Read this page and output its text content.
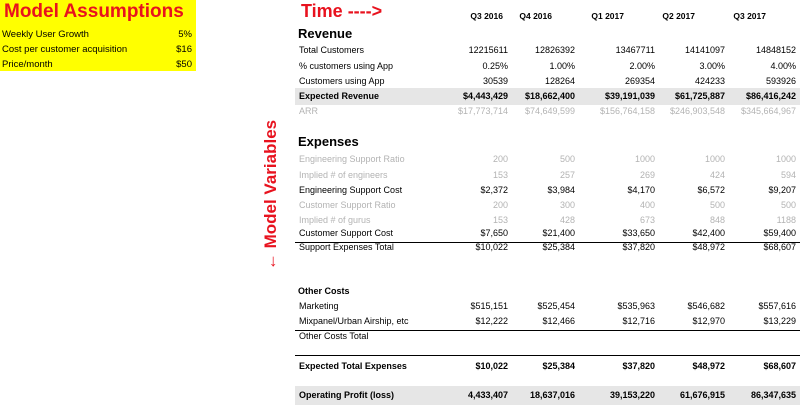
Model Assumptions
Weekly User Growth	5%
Cost per customer acquisition	$16
Price/month	$50
Time ---->
← Model Variables
Q3 2016	Q4 2016	Q1 2017	Q2 2017	Q3 2017
Revenue
Total Customers	12215611	12826392	13467711	14141097	14848152
% customers using App	0.25%	1.00%	2.00%	3.00%	4.00%
Customers using App	30539	128264	269354	424233	593926
Expected Revenue	$4,443,429	$18,662,400	$39,191,039	$61,725,887	$86,416,242
ARR	$17,773,714	$74,649,599	$156,764,158	$246,903,548	$345,664,967
Expenses
Engineering Support Ratio	200	500	1000	1000	1000
Implied # of engineers	153	257	269	424	594
Engineering Support Cost	$2,372	$3,984	$4,170	$6,572	$9,207
Customer Support Ratio	200	300	400	500	500
Implied # of gurus	153	428	673	848	1188
Customer Support Cost	$7,650	$21,400	$33,650	$42,400	$59,400
Support Expenses Total	$10,022	$25,384	$37,820	$48,972	$68,607
Other Costs
Marketing	$515,151	$525,454	$535,963	$546,682	$557,616
Mixpanel/Urban Airship, etc	$12,222	$12,466	$12,716	$12,970	$13,229
Other Costs Total
Expected Total Expenses	$10,022	$25,384	$37,820	$48,972	$68,607
Operating Profit (loss)	4,433,407	18,637,016	39,153,220	61,676,915	86,347,635
